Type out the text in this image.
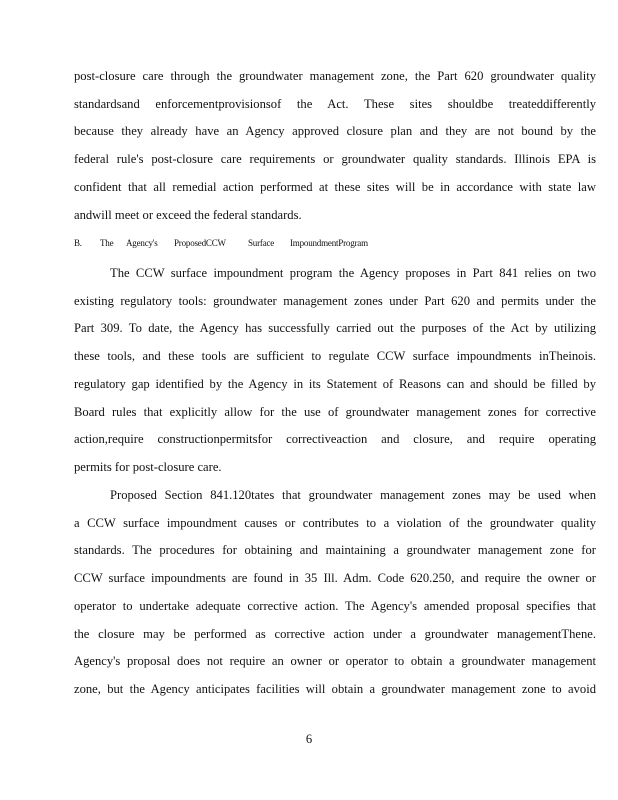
post-closure care through the groundwater management zone, the Part 620 groundwater quality
standardsand enforcementprovisionsof the Act. These sites shouldbe treateddifferently
because they already have an Agency approved closure plan and they are not bound by the
federal rule's post-closure care requirements or groundwater quality standards. Illinois EPA is
confident that all remedial action performed at these sites will be in accordance with state law
andwill meet or exceed the federal standards.
B. The Agency's ProposedCCW Surface ImpoundmentProgram
The CCW surface impoundment program the Agency proposes in Part 841 relies on two
existing regulatory tools: groundwater management zones under Part 620 and permits under the
Part 309. To date, the Agency has successfully carried out the purposes of the Act by utilizing
these tools, and these tools are sufficient to regulate CCW surface impoundments inTheinois.
regulatory gap identified by the Agency in its Statement of Reasons can and should be filled by
Board rules that explicitly allow for the use of groundwater management zones for corrective
action,require constructionpermitsfor correctiveaction and closure, and require operating
permits for post-closure care.
Proposed Section 841.120tates that groundwater management zones may be used when
a CCW surface impoundment causes or contributes to a violation of the groundwater quality
standards. The procedures for obtaining and maintaining a groundwater management zone for
CCW surface impoundments are found in 35 Ill. Adm. Code 620.250, and require the owner or
operator to undertake adequate corrective action. The Agency's amended proposal specifies that
the closure may be performed as corrective action under a groundwater managementThene.
Agency's proposal does not require an owner or operator to obtain a groundwater management
zone, but the Agency anticipates facilities will obtain a groundwater management zone to avoid
6
